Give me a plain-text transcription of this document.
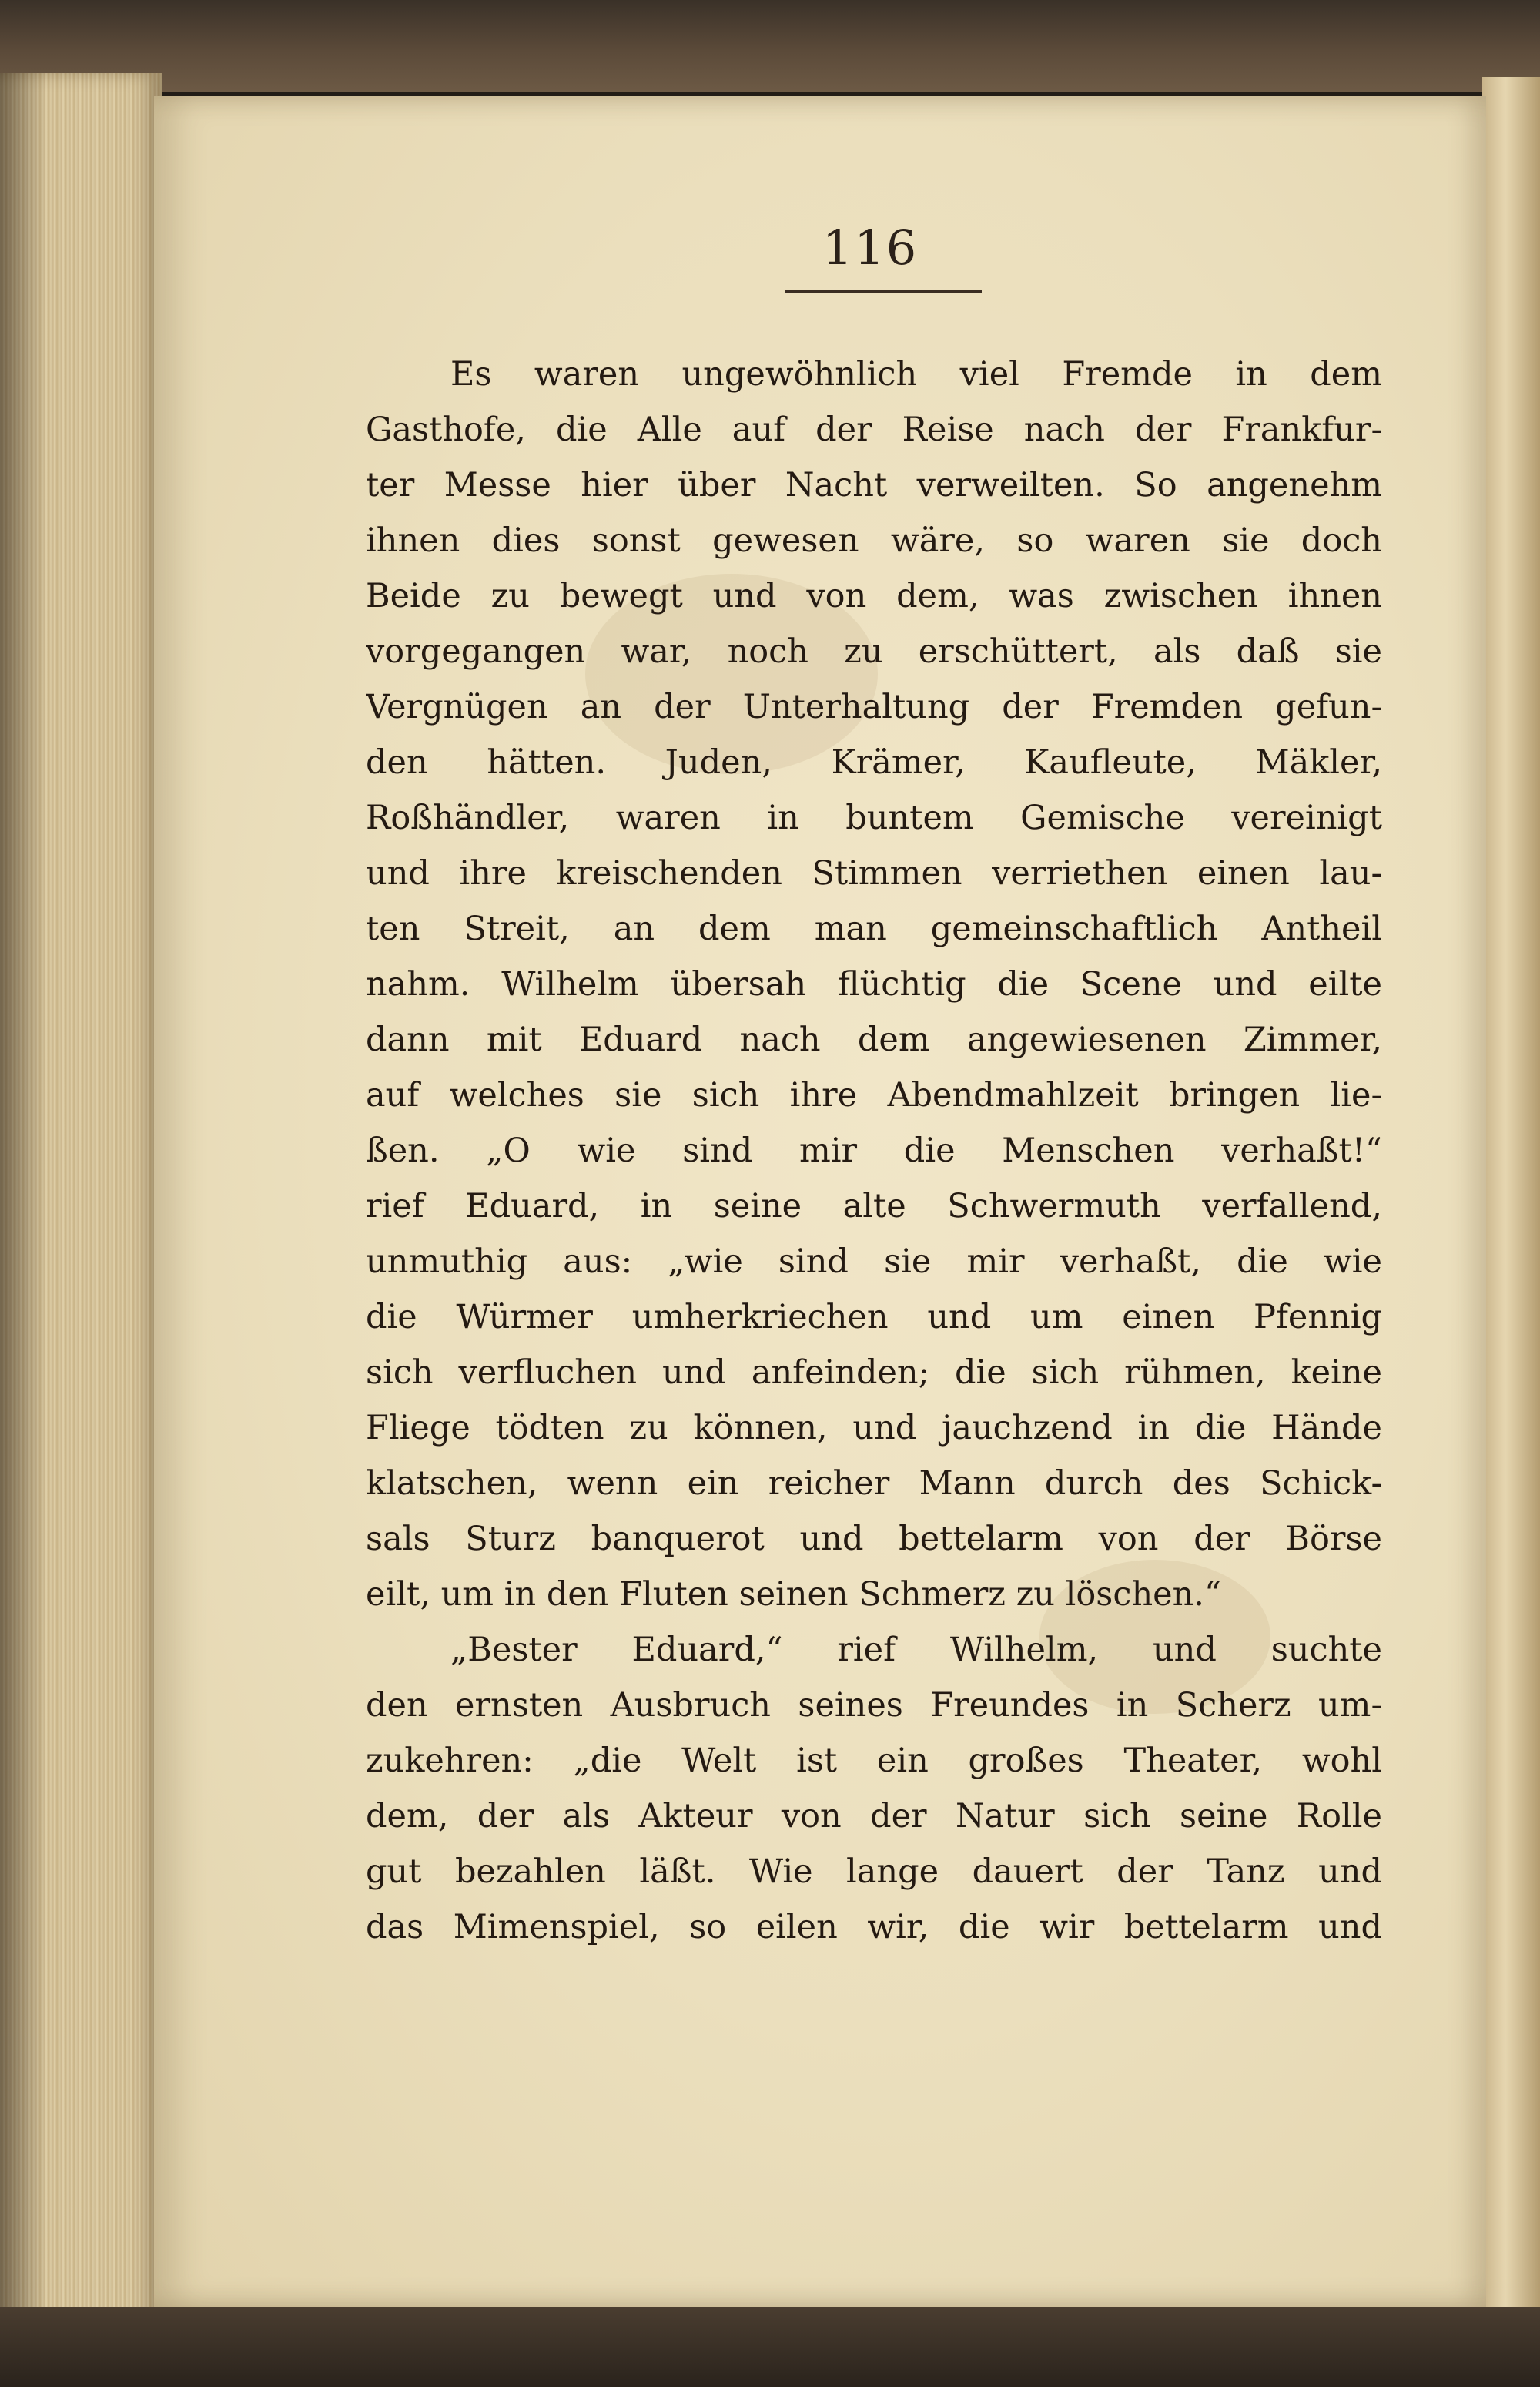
116
Es waren ungewöhnlich viel Fremde in dem
Gasthofe, die Alle auf der Reise nach der Frankfur-
ter Messe hier über Nacht verweilten. So angenehm
ihnen dies sonst gewesen wäre, so waren sie doch
Beide zu bewegt und von dem, was zwischen ihnen
vorgegangen war, noch zu erschüttert, als daß sie
Vergnügen an der Unterhaltung der Fremden gefun-
den hätten. Juden, Krämer, Kaufleute, Mäkler,
Roßhändler, waren in buntem Gemische vereinigt
und ihre kreischenden Stimmen verriethen einen lau-
ten Streit, an dem man gemeinschaftlich Antheil
nahm. Wilhelm übersah flüchtig die Scene und eilte
dann mit Eduard nach dem angewiesenen Zimmer,
auf welches sie sich ihre Abendmahlzeit bringen lie-
ßen. „O wie sind mir die Menschen verhaßt!“
rief Eduard, in seine alte Schwermuth verfallend,
unmuthig aus: „wie sind sie mir verhaßt, die wie
die Würmer umherkriechen und um einen Pfennig
sich verfluchen und anfeinden; die sich rühmen, keine
Fliege tödten zu können, und jauchzend in die Hände
klatschen, wenn ein reicher Mann durch des Schick-
sals Sturz banquerot und bettelarm von der Börse
eilt, um in den Fluten seinen Schmerz zu löschen.“
„Bester Eduard,“ rief Wilhelm, und suchte
den ernsten Ausbruch seines Freundes in Scherz um-
zukehren: „die Welt ist ein großes Theater, wohl
dem, der als Akteur von der Natur sich seine Rolle
gut bezahlen läßt. Wie lange dauert der Tanz und
das Mimenspiel, so eilen wir, die wir bettelarm und
